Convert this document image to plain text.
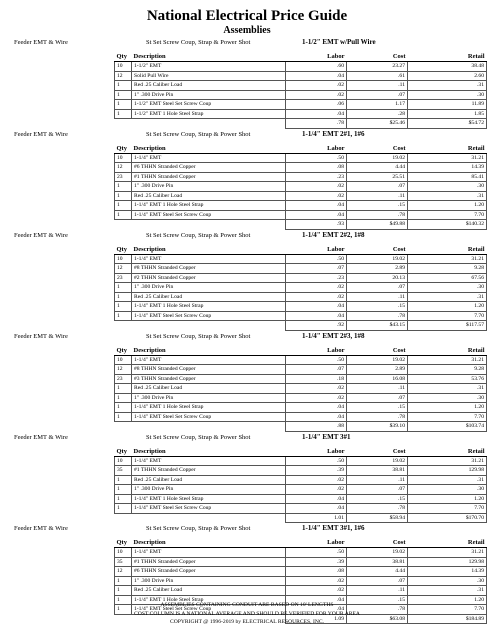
National Electrical Price Guide
Assemblies
Feeder EMT & Wire	St Set Screw Coup, Strap & Power Shot	1-1/2" EMT w/Pull Wire
Qty	Description	Labor	Cost	Retail
10	1-1/2" EMT	.60	23.27	38.48
12	Solid Pull Wire	.04	.61	2.60
1	Red .25 Caliber Load	.02	.11	.31
1	1" .300 Drive Pin	.02	.07	.30
1	1-1/2" EMT Steel Set Screw Coup	.06	1.17	11.89
1	1-1/2" EMT 1 Hole Steel Strap	.04	.28	1.85
		.78	$25.46	$54.72
Feeder EMT & Wire	St Set Screw Coup, Strap & Power Shot	1-1/4" EMT 2#1, 1#6
Qty	Description	Labor	Cost	Retail
10	1-1/4" EMT	.50	19.02	31.21
12	#6 THHN Stranded Copper	.08	4.44	14.39
23	#1 THHN Stranded Copper	.23	25.51	85.41
1	1" .300 Drive Pin	.02	.07	.30
1	Red .25 Caliber Load	.02	.11	.31
1	1-1/4" EMT 1 Hole Steel Strap	.04	.15	1.20
1	1-1/4" EMT Steel Set Screw Coup	.04	.78	7.70
		.93	$49.88	$140.32
Feeder EMT & Wire	St Set Screw Coup, Strap & Power Shot	1-1/4" EMT 2#2, 1#8
Qty	Description	Labor	Cost	Retail
10	1-1/4" EMT	.50	19.02	31.21
12	#8 THHN Stranded Copper	.07	2.89	9.28
23	#2 THHN Stranded Copper	.23	20.13	67.56
1	1" .300 Drive Pin	.02	.07	.30
1	Red .25 Caliber Load	.02	.11	.31
1	1-1/4" EMT 1 Hole Steel Strap	.04	.15	1.20
1	1-1/4" EMT Steel Set Screw Coup	.04	.78	7.70
		.92	$43.15	$117.57
Feeder EMT & Wire	St Set Screw Coup, Strap & Power Shot	1-1/4" EMT 2#3, 1#8
Qty	Description	Labor	Cost	Retail
10	1-1/4" EMT	.50	19.02	31.21
12	#8 THHN Stranded Copper	.07	2.89	9.28
23	#3 THHN Stranded Copper	.18	16.08	53.76
1	Red .25 Caliber Load	.02	.11	.31
1	1" .300 Drive Pin	.02	.07	.30
1	1-1/4" EMT 1 Hole Steel Strap	.04	.15	1.20
1	1-1/4" EMT Steel Set Screw Coup	.04	.78	7.70
		.88	$39.10	$103.74
Feeder EMT & Wire	St Set Screw Coup, Strap & Power Shot	1-1/4" EMT 3#1
Qty	Description	Labor	Cost	Retail
10	1-1/4" EMT	.50	19.02	31.21
35	#1 THHN Stranded Copper	.39	38.81	129.98
1	Red .25 Caliber Load	.02	.11	.31
1	1" .300 Drive Pin	.02	.07	.30
1	1-1/4" EMT 1 Hole Steel Strap	.04	.15	1.20
1	1-1/4" EMT Steel Set Screw Coup	.04	.78	7.70
		1.01	$58.94	$170.70
Feeder EMT & Wire	St Set Screw Coup, Strap & Power Shot	1-1/4" EMT 3#1, 1#6
Qty	Description	Labor	Cost	Retail
10	1-1/4" EMT	.50	19.02	31.21
35	#1 THHN Stranded Copper	.39	38.81	129.98
12	#6 THHN Stranded Copper	.08	4.44	14.39
1	1" .300 Drive Pin	.02	.07	.30
1	Red .25 Caliber Load	.02	.11	.31
1	1-1/4" EMT 1 Hole Steel Strap	.04	.15	1.20
1	1-1/4" EMT Steel Set Screw Coup	.04	.78	7.70
		1.09	$63.08	$184.89
ASSEMBLIES CONTAINING CONDUIT ARE BASED ON 10' LENGTHS
COST COLUMN IS A NATIONAL AVERAGE AND SHOULD BE VERIFIED FOR YOUR AREA
COPYRIGHT @ 1996-2019 by ELECTRICAL RESOURCES, INC.
